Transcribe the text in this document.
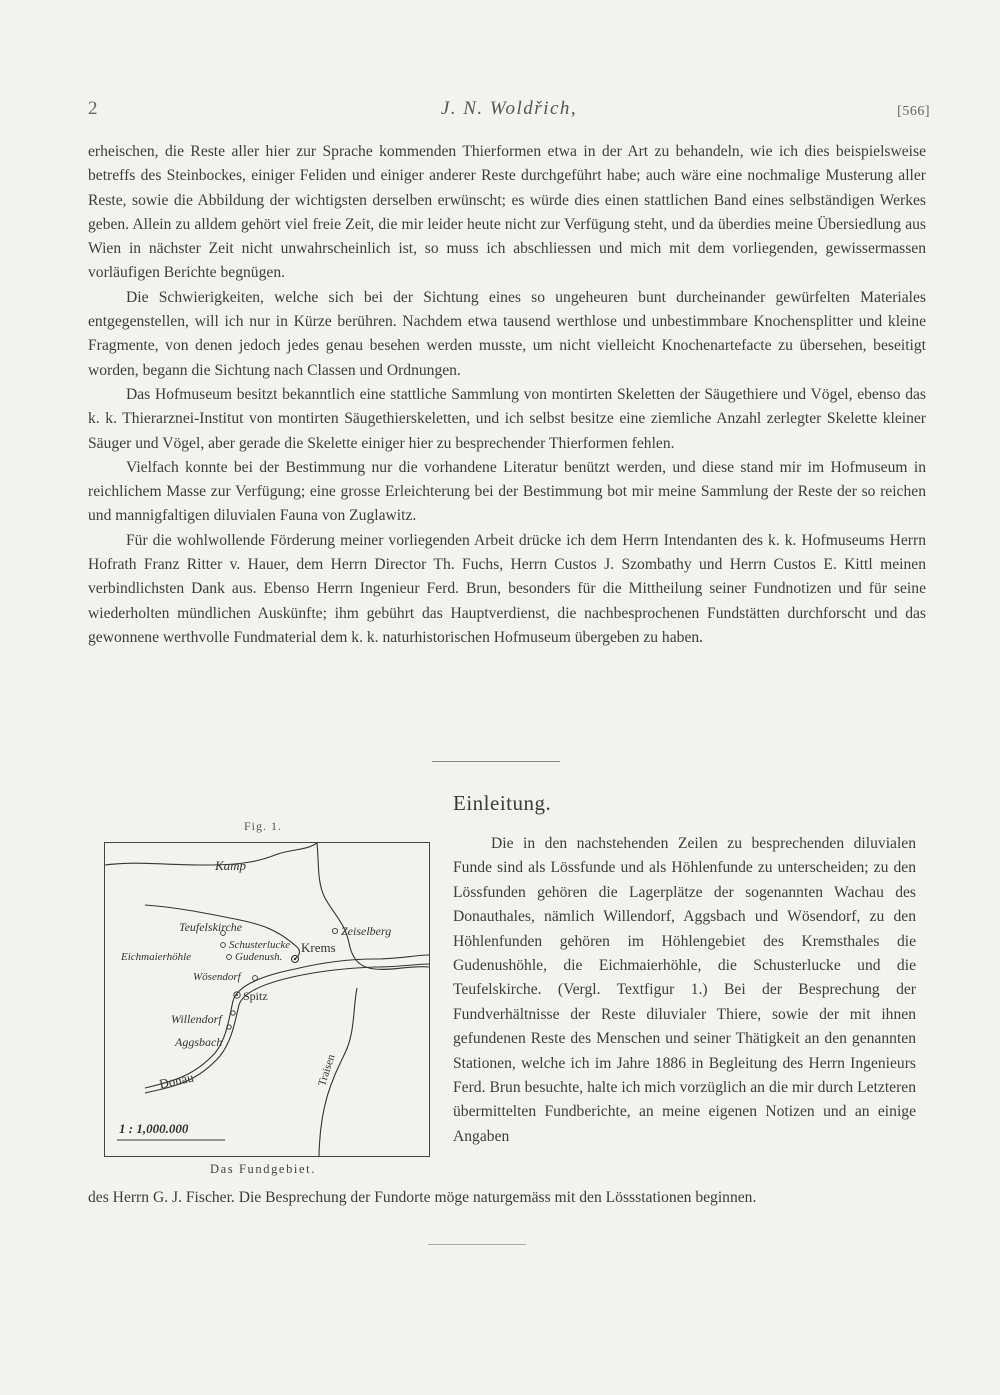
2	J. N. Woldřich,	[566]

erheischen, die Reste aller hier zur Sprache kommenden Thierformen etwa in der Art zu behandeln, wie ich dies beispielsweise betreffs des Steinbockes, einiger Feliden und einiger anderer Reste durchgeführt habe; auch wäre eine nochmalige Musterung aller Reste, sowie die Abbildung der wichtigsten derselben erwünscht; es würde dies einen stattlichen Band eines selbständigen Werkes geben. Allein zu alldem gehört viel freie Zeit, die mir leider heute nicht zur Verfügung steht, und da überdies meine Übersiedlung aus Wien in nächster Zeit nicht unwahrscheinlich ist, so muss ich abschliessen und mich mit dem vorliegenden, gewissermassen vorläufigen Berichte begnügen.

Die Schwierigkeiten, welche sich bei der Sichtung eines so ungeheuren bunt durcheinander gewürfelten Materiales entgegenstellen, will ich nur in Kürze berühren. Nachdem etwa tausend werthlose und unbestimmbare Knochensplitter und kleine Fragmente, von denen jedoch jedes genau besehen werden musste, um nicht vielleicht Knochenartefacte zu übersehen, beseitigt worden, begann die Sichtung nach Classen und Ordnungen.

Das Hofmuseum besitzt bekanntlich eine stattliche Sammlung von montirten Skeletten der Säugethiere und Vögel, ebenso das k. k. Thierarznei-Institut von montirten Säugethierskeletten, und ich selbst besitze eine ziemliche Anzahl zerlegter Skelette kleiner Säuger und Vögel, aber gerade die Skelette einiger hier zu besprechender Thierformen fehlen.

Vielfach konnte bei der Bestimmung nur die vorhandene Literatur benützt werden, und diese stand mir im Hofmuseum in reichlichem Masse zur Verfügung; eine grosse Erleichterung bei der Bestimmung bot mir meine Sammlung der Reste der so reichen und mannigfaltigen diluvialen Fauna von Zuglawitz.

Für die wohlwollende Förderung meiner vorliegenden Arbeit drücke ich dem Herrn Intendanten des k. k. Hofmuseums Herrn Hofrath Franz Ritter v. Hauer, dem Herrn Director Th. Fuchs, Herrn Custos J. Szombathy und Herrn Custos E. Kittl meinen verbindlichsten Dank aus. Ebenso Herrn Ingenieur Ferd. Brun, besonders für die Mittheilung seiner Fundnotizen und für seine wiederholten mündlichen Auskünfte; ihm gebührt das Hauptverdienst, die nachbesprochenen Fundstätten durchforscht und das gewonnene werthvolle Fundmaterial dem k. k. naturhistorischen Hofmuseum übergeben zu haben.

Einleitung.
Fig. 1.
Kamp
Teufelskirche
Schusterlucke
Eichmaierhöhle	Gudenush.
Krems
Zeiselberg
Wösendorf
Spitz
Willendorf
Aggsbach
Donau	Traisen
1 : 1,000.000
Das Fundgebiet.

Die in den nachstehenden Zeilen zu besprechenden diluvialen Funde sind als Lössfunde und als Höhlenfunde zu unterscheiden; zu den Lössfunden gehören die Lagerplätze der sogenannten Wachau des Donauthales, nämlich Willendorf, Aggsbach und Wösendorf, zu den Höhlenfunden gehören im Höhlengebiet des Kremsthales die Gudenushöhle, die Eichmaierhöhle, die Schusterlucke und die Teufelskirche. (Vergl. Textfigur 1.) Bei der Besprechung der Fundverhältnisse der Reste diluvialer Thiere, sowie der mit ihnen gefundenen Reste des Menschen und seiner Thätigkeit an den genannten Stationen, welche ich im Jahre 1886 in Begleitung des Herrn Ingenieurs Ferd. Brun besuchte, halte ich mich vorzüglich an die mir durch Letzteren übermittelten Fundberichte, an meine eigenen Notizen und an einige Angaben

des Herrn G. J. Fischer. Die Besprechung der Fundorte möge naturgemäss mit den Lössstationen beginnen.
